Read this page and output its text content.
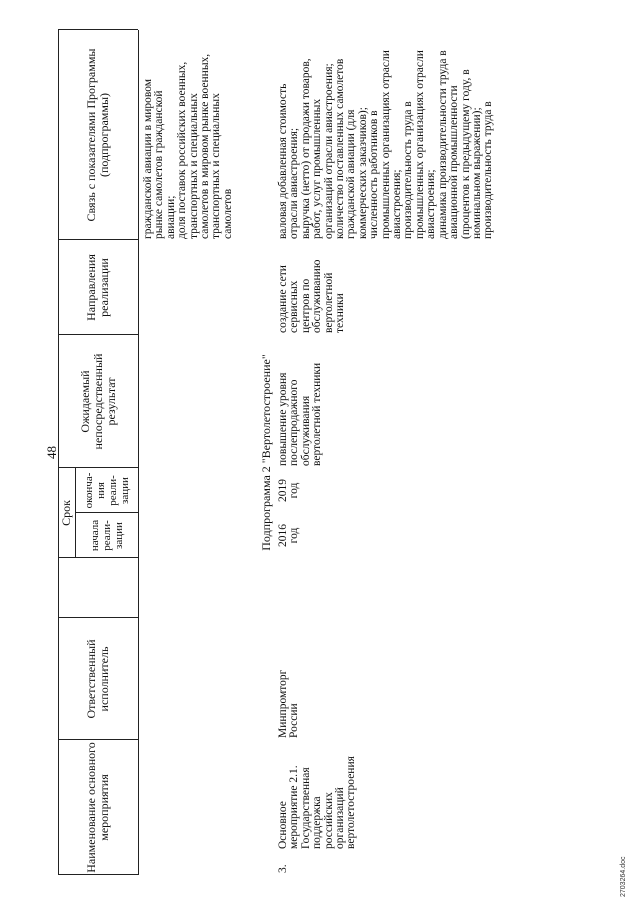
48
Наименование основного мероприятия
Ответственный исполнитель
Срок
начала
реали-
зации
оконча-
ния
реали-
зации
Ожидаемый непосредственный результат
Направления реализации
Связь с показателями Программы (подпрограммы)
гражданской авиации в мировом
рынке самолетов гражданской
авиации;
доля поставок российских военных,
транспортных и специальных
самолетов в мировом рынке военных,
транспортных и специальных
самолетов
Подпрограмма 2 "Вертолетостроение"
3.
Основное
мероприятие 2.1.
Государственная
поддержка
российских
организаций
вертолетостроения
Минпромторг
России
2016
год
2019
год
повышение уровня
послепродажного
обслуживания
вертолетной техники
создание сети
сервисных центров по
обслуживанию
вертолетной техники
валовая добавленная стоимость
отрасли авиастроения;
выручка (нетто) от продажи товаров,
работ, услуг промышленных
организаций отрасли авиастроения;
количество поставленных самолетов
гражданской авиации (для
коммерческих заказчиков);
численность работников в
промышленных организациях отрасли
авиастроения;
производительность труда в
промышленных организациях отрасли
авиастроения;
динамика производительности труда в
авиационной промышленности
(процентов к предыдущему году, в
номинальном выражении);
производительность труда в
2703264.doc
